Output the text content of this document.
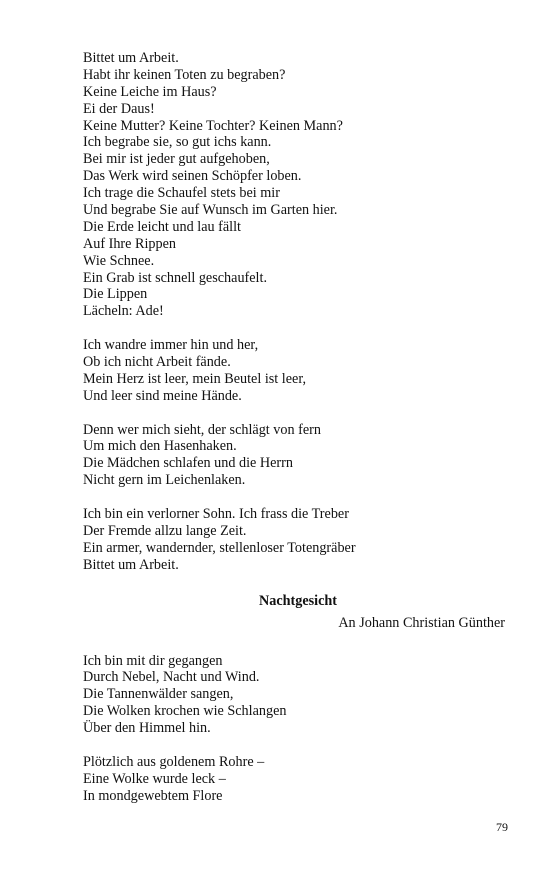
Bittet um Arbeit.
Habt ihr keinen Toten zu begraben?
Keine Leiche im Haus?
Ei der Daus!
Keine Mutter? Keine Tochter? Keinen Mann?
Ich begrabe sie, so gut ichs kann.
Bei mir ist jeder gut aufgehoben,
Das Werk wird seinen Schöpfer loben.
Ich trage die Schaufel stets bei mir
Und begrabe Sie auf Wunsch im Garten hier.
Die Erde leicht und lau fällt
Auf Ihre Rippen
Wie Schnee.
Ein Grab ist schnell geschaufelt.
Die Lippen
Lächeln: Ade!
Ich wandre immer hin und her,
Ob ich nicht Arbeit fände.
Mein Herz ist leer, mein Beutel ist leer,
Und leer sind meine Hände.
Denn wer mich sieht, der schlägt von fern
Um mich den Hasenhaken.
Die Mädchen schlafen und die Herrn
Nicht gern im Leichenlaken.
Ich bin ein verlorner Sohn. Ich frass die Treber
Der Fremde allzu lange Zeit.
Ein armer, wandernder, stellenloser Totengräber
Bittet um Arbeit.
Nachtgesicht
An Johann Christian Günther
Ich bin mit dir gegangen
Durch Nebel, Nacht und Wind.
Die Tannenwälder sangen,
Die Wolken krochen wie Schlangen
Über den Himmel hin.
Plötzlich aus goldenem Rohre –
Eine Wolke wurde leck –
In mondgewebtem Flore
79
